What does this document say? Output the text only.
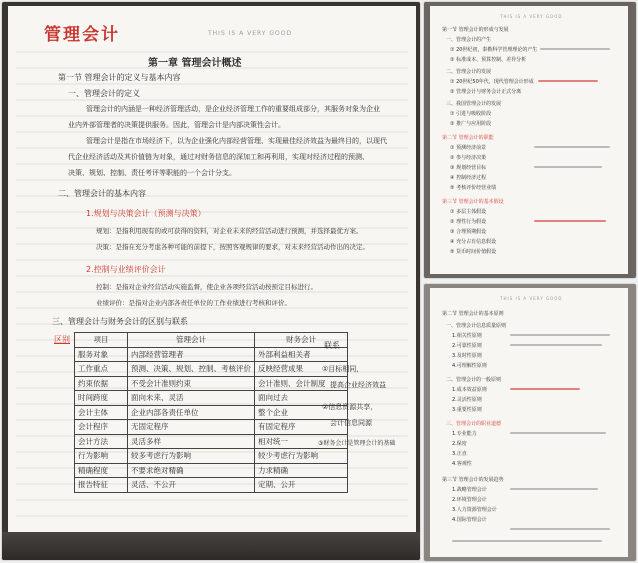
管理会计	THIS IS A VERY GOOD
第一章 管理会计概述
第一节 管理会计的定义与基本内容
一、管理会计的定义
管理会计的内涵是一种经济管理活动，是企业经济管理工作的重要组成部分，其服务对象为企业
业内外部管理者的决策提供服务。因此，管理会计是内部决策性会计。
管理会计是指在市场经济下，以为企业强化内部经营管理、实现最佳经济效益为最终目的，以现代
代企业经济活动及其价值链为对象，通过对财务信息的深加工和再利用，实现对经济过程的预测、
决策、规划、控制、责任考评等职能的一个会计分支。
二、管理会计的基本内容
1.规划与决策会计（预测与决策）
规划：是指利用现有的或可获得的资料，对企业未来的经营活动进行预测，并选择最优方案。
决策：是指在充分考虑各种可能的前提下，按照客观规律的要求，对未来经营活动作出的决定。
2.控制与业绩评价会计
控制：是指对企业经营活动实施监督，使企业各项经营活动按预定目标进行。
业绩评价：是指对企业内部各责任单位的工作业绩进行考核和评价。
三、管理会计与财务会计的区别与联系
区别	项目	管理会计	财务会计
服务对象	内部经营管理者	外部利益相关者
工作重点	预测、决策、规划、控制、考核评价	反映经营成果
约束依据	不受会计准则约束	会计准则、会计制度
时间跨度	面向未来、灵活	面向过去
会计主体	企业内部各责任单位	整个企业
会计程序	无固定程序	有固定程序
会计方法	灵活多样	相对统一
行为影响	较多考虑行为影响	较少考虑行为影响
精确程度	不要求绝对精确	力求精确
报告特征	灵活、不公开	定期、公开
联系
①目标相同，
提高企业经济效益
②信息资源共享，
会计信息同源
③财务会计是管理会计的基础
THIS IS A VERY GOOD
第一节 管理会计的形成与发展
一、管理会计的产生
① 20世纪初，泰勒科学管理理论的产生
② 标准成本、预算控制、差异分析
二、管理会计的发展
① 20世纪50年代，现代管理会计形成
② 管理会计与财务会计正式分离
三、我国管理会计的发展
① 引进与吸收阶段
② 推广与应用阶段
第二节 管理会计的职能
① 预测经济前景
② 参与经济决策
③ 规划经营目标
④ 控制经济过程
⑤ 考核评价经营业绩
第三节 管理会计的基本假设
① 多层主体假设
② 理性行为假设
③ 合理预期假设
④ 充分占有信息假设
⑤ 货币时间价值假设
THIS IS A VERY GOOD
第二节 管理会计的基本原则
一、管理会计信息质量原则
1.相关性原则
2.可靠性原则
3.及时性原则
4.可理解性原则
二、管理会计的一般原则
1.成本效益原则
2.灵活性原则
3.重要性原则
三、管理会计的职业道德
1.专业能力
2.保密
3.正直
4.客观性
第三节 管理会计的发展趋势
1.战略管理会计
2.环境管理会计
3.人力资源管理会计
4.国际管理会计
